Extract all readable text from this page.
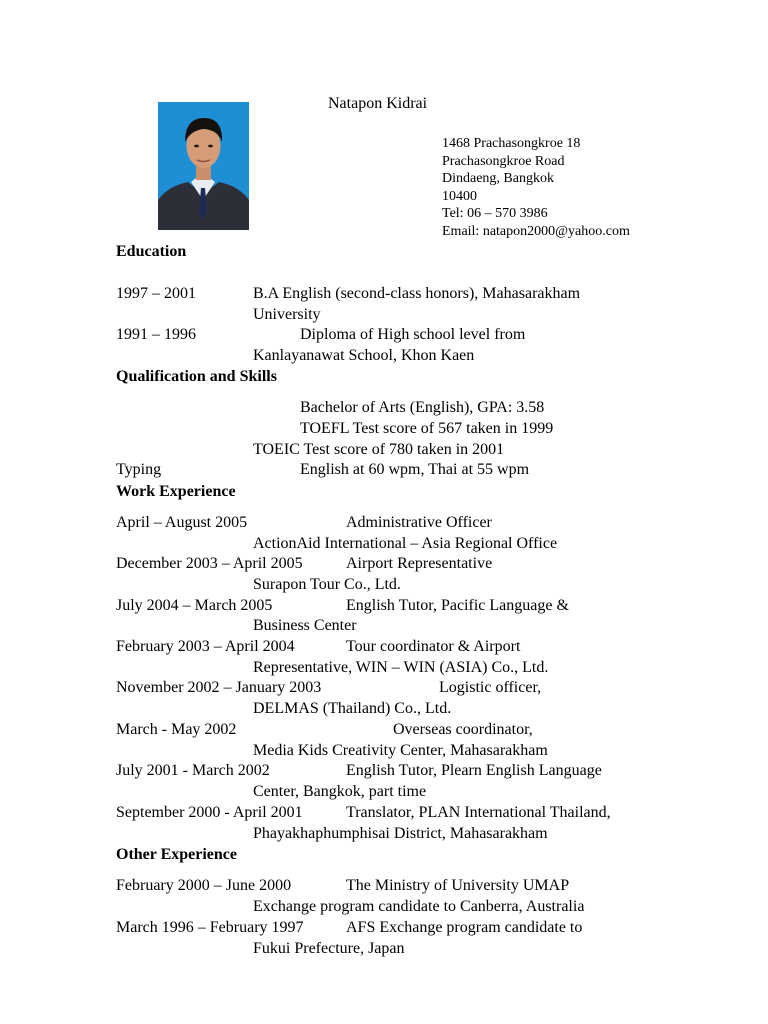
Natapon Kidrai
1468 Prachasongkroe 18
Prachasongkroe Road
Dindaeng, Bangkok
10400
Tel: 06 – 570 3986
Email: natapon2000@yahoo.com
Education
1997 – 2001	B.A English (second-class honors), Mahasarakham
University
1991 – 1996	Diploma of High school level from
Kanlayanawat School, Khon Kaen
Qualification and Skills
Bachelor of Arts (English), GPA: 3.58
TOEFL Test score of 567 taken in 1999
TOEIC Test score of 780 taken in 2001
Typing	English at 60 wpm, Thai at 55 wpm
Work Experience
April – August 2005	Administrative Officer
ActionAid International – Asia Regional Office
December 2003 – April 2005	Airport Representative
Surapon Tour Co., Ltd.
July 2004 – March 2005	English Tutor, Pacific Language &
Business Center
February 2003 – April 2004	Tour coordinator & Airport
Representative, WIN – WIN (ASIA) Co., Ltd.
November 2002 – January 2003	Logistic officer,
DELMAS (Thailand) Co., Ltd.
March - May 2002	Overseas coordinator,
Media Kids Creativity Center, Mahasarakham
July 2001 - March 2002	English Tutor, Plearn English Language
Center, Bangkok, part time
September 2000 - April 2001	Translator, PLAN International Thailand,
Phayakhaphumphisai District, Mahasarakham
Other Experience
February 2000 – June 2000	The Ministry of University UMAP
Exchange program candidate to Canberra, Australia
March 1996 – February 1997	AFS Exchange program candidate to
Fukui Prefecture, Japan
